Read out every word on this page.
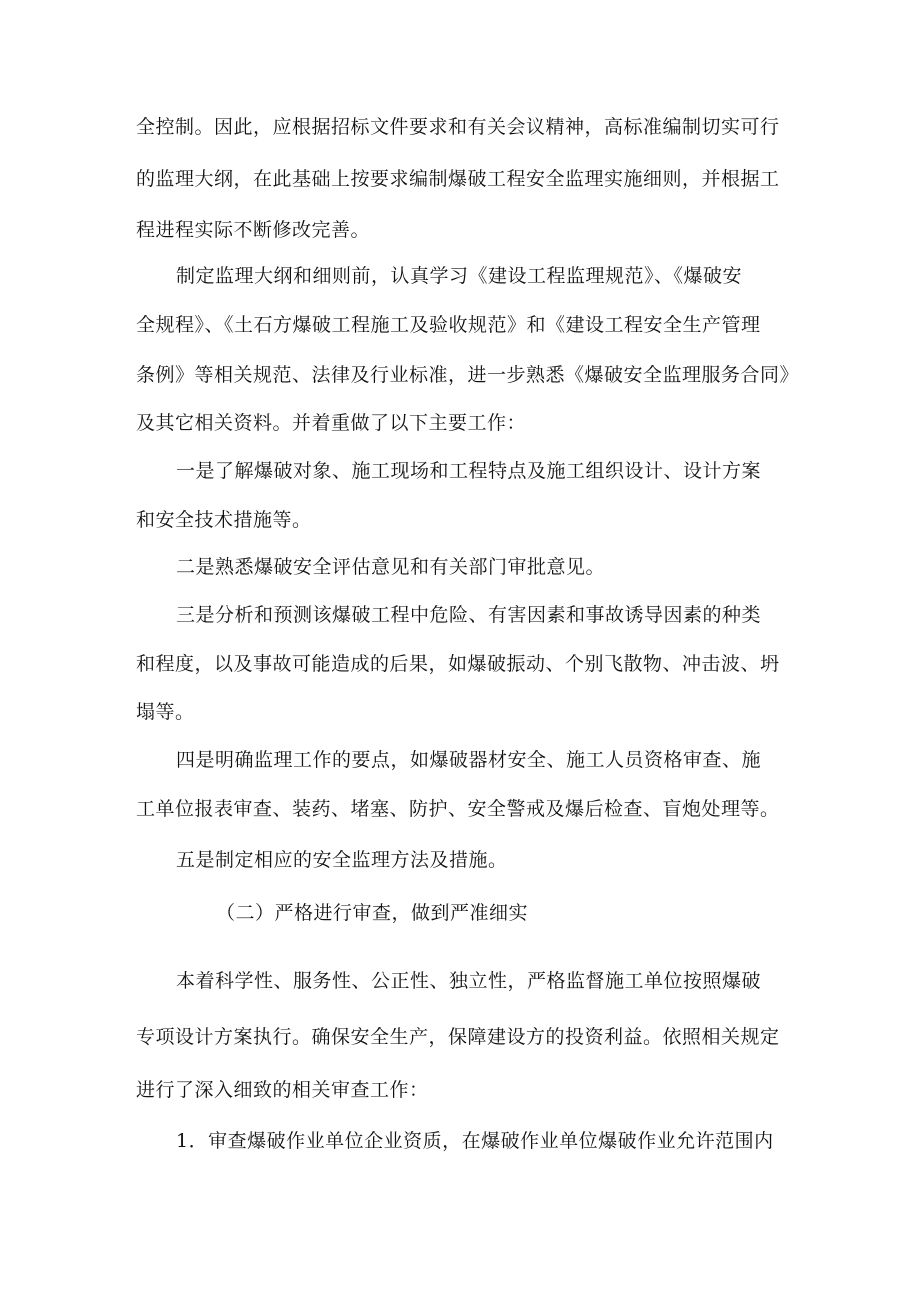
全控制。因此，应根据招标文件要求和有关会议精神，高标准编制切实可行
的监理大纲，在此基础上按要求编制爆破工程安全监理实施细则，并根据工
程进程实际不断修改完善。
制定监理大纲和细则前，认真学习《建设工程监理规范》、《爆破安
全规程》、《土石方爆破工程施工及验收规范》和《建设工程安全生产管理
条例》等相关规范、法律及行业标准，进一步熟悉《爆破安全监理服务合同》
及其它相关资料。并着重做了以下主要工作：
一是了解爆破对象、施工现场和工程特点及施工组织设计、设计方案
和安全技术措施等。
二是熟悉爆破安全评估意见和有关部门审批意见。
三是分析和预测该爆破工程中危险、有害因素和事故诱导因素的种类
和程度，以及事故可能造成的后果，如爆破振动、个别飞散物、冲击波、坍
塌等。
四是明确监理工作的要点，如爆破器材安全、施工人员资格审查、施
工单位报表审查、装药、堵塞、防护、安全警戒及爆后检查、盲炮处理等。
五是制定相应的安全监理方法及措施。
（二）严格进行审查，做到严准细实
本着科学性、服务性、公正性、独立性，严格监督施工单位按照爆破
专项设计方案执行。确保安全生产，保障建设方的投资利益。依照相关规定
进行了深入细致的相关审查工作：
1．审查爆破作业单位企业资质，在爆破作业单位爆破作业允许范围内
